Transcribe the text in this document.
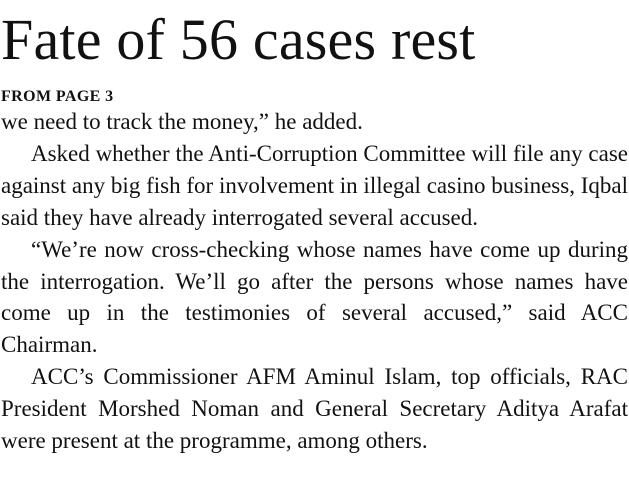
Fate of 56 cases rest
FROM PAGE 3

we need to track the money,” he added.

Asked whether the Anti-Corruption Committee will file any case against any big fish for involvement in illegal casino business, Iqbal said they have already interrogated several accused.

“We’re now cross-checking whose names have come up during the interrogation. We’ll go after the persons whose names have come up in the testimonies of several accused,” said ACC Chairman.

ACC’s Commissioner AFM Aminul Islam, top officials, RAC President Morshed Noman and General Secretary Aditya Arafat were present at the programme, among others.
